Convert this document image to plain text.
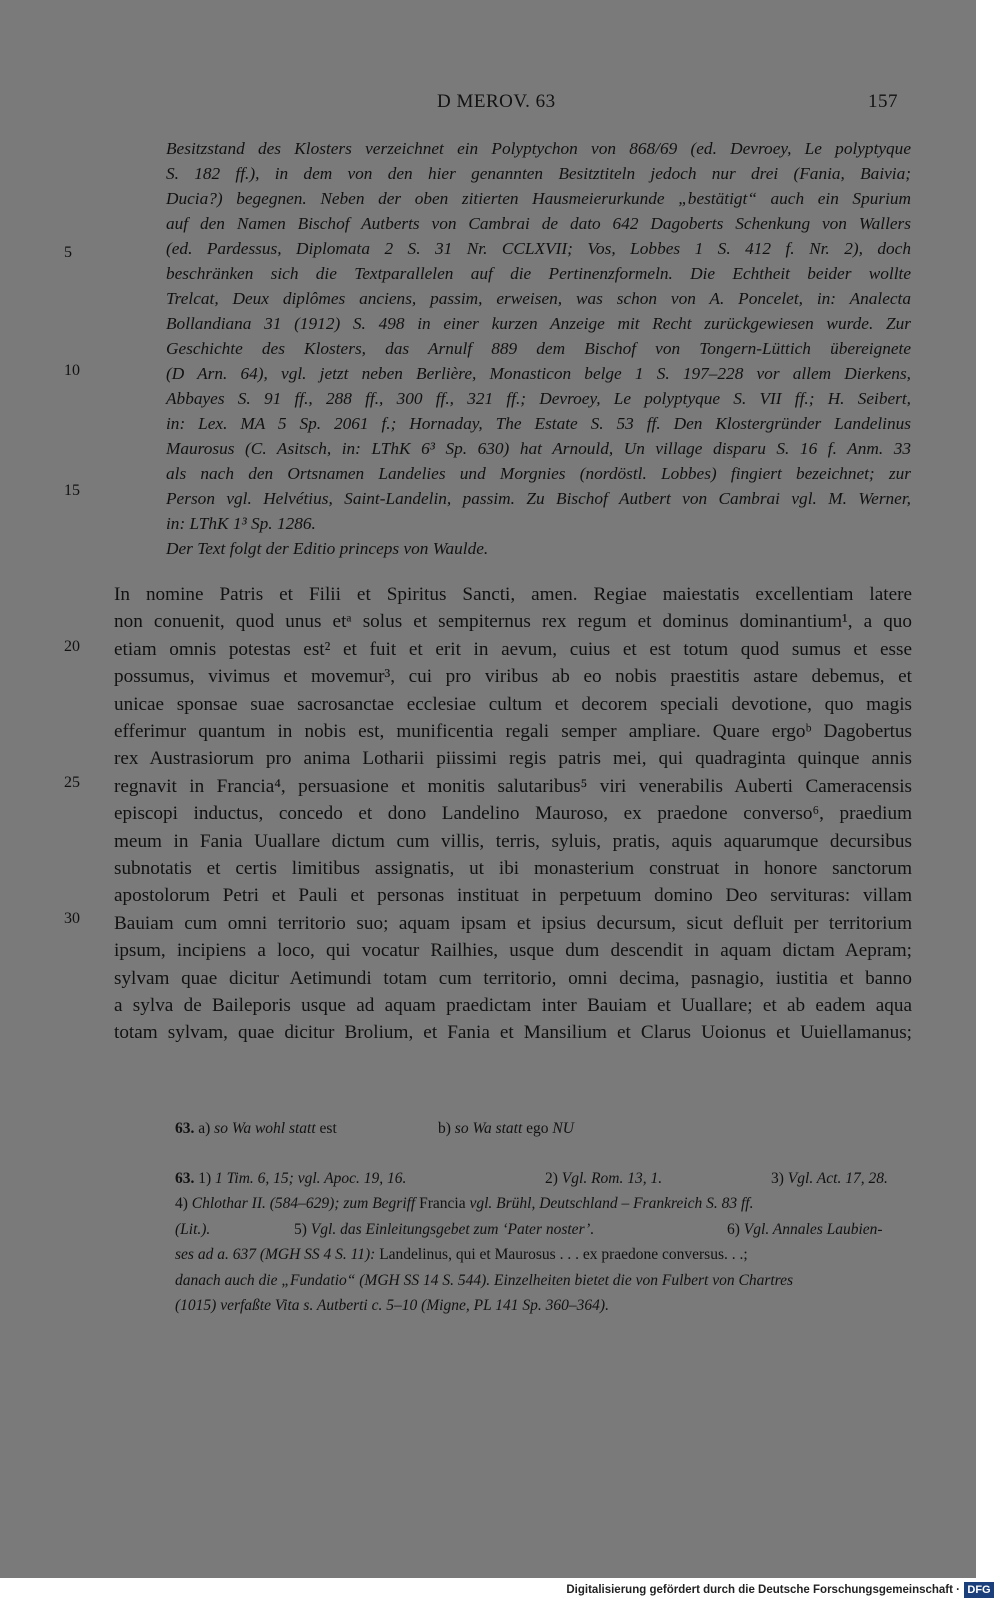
D MEROV. 63	157
Besitzstand des Klosters verzeichnet ein Polyptychon von 868/69 (ed. Devroey, Le polyptyque
S. 182 ff.), in dem von den hier genannten Besitztiteln jedoch nur drei (Fania, Baivia;
Ducia?) begegnen. Neben der oben zitierten Hausmeierurkunde „bestätigt“ auch ein Spurium
auf den Namen Bischof Autberts von Cambrai de dato 642 Dagoberts Schenkung von Wallers
(ed. Pardessus, Diplomata 2 S. 31 Nr. CCLXVII; Vos, Lobbes 1 S. 412 f. Nr. 2), doch
beschränken sich die Textparallelen auf die Pertinenzformeln. Die Echtheit beider wollte
Trelcat, Deux diplômes anciens, passim, erweisen, was schon von A. Poncelet, in: Analecta
Bollandiana 31 (1912) S. 498 in einer kurzen Anzeige mit Recht zurückgewiesen wurde. Zur
Geschichte des Klosters, das Arnulf 889 dem Bischof von Tongern-Lüttich übereignete
(D Arn. 64), vgl. jetzt neben Berlière, Monasticon belge 1 S. 197–228 vor allem Dierkens,
Abbayes S. 91 ff., 288 ff., 300 ff., 321 ff.; Devroey, Le polyptyque S. VII ff.; H. Seibert,
in: Lex. MA 5 Sp. 2061 f.; Hornaday, The Estate S. 53 ff. Den Klostergründer Landelinus
Maurosus (C. Asitsch, in: LThK 6³ Sp. 630) hat Arnould, Un village disparu S. 16 f. Anm. 33
als nach den Ortsnamen Landelies und Morgnies (nordöstl. Lobbes) fingiert bezeichnet; zur
Person vgl. Helvétius, Saint-Landelin, passim. Zu Bischof Autbert von Cambrai vgl. M. Werner,
in: LThK 1³ Sp. 1286.
Der Text folgt der Editio princeps von Waulde.
In nomine Patris et Filii et Spiritus Sancti, amen. Regiae maiestatis excellentiam latere
non conuenit, quod unus etᵃ solus et sempiternus rex regum et dominus dominantium¹, a quo
etiam omnis potestas est² et fuit et erit in aevum, cuius et est totum quod sumus et esse
possumus, vivimus et movemur³, cui pro viribus ab eo nobis praestitis astare debemus, et
unicae sponsae suae sacrosanctae ecclesiae cultum et decorem speciali devotione, quo magis
efferimur quantum in nobis est, munificentia regali semper ampliare. Quare ergoᵇ Dagobertus
rex Austrasiorum pro anima Lotharii piissimi regis patris mei, qui quadraginta quinque annis
regnavit in Francia⁴, persuasione et monitis salutaribus⁵ viri venerabilis Auberti Cameracensis
episcopi inductus, concedo et dono Landelino Mauroso, ex praedone converso⁶, praedium
meum in Fania Uuallare dictum cum villis, terris, syluis, pratis, aquis aquarumque decursibus
subnotatis et certis limitibus assignatis, ut ibi monasterium construat in honore sanctorum
apostolorum Petri et Pauli et personas instituat in perpetuum domino Deo servituras: villam
Bauiam cum omni territorio suo; aquam ipsam et ipsius decursum, sicut defluit per territorium
ipsum, incipiens a loco, qui vocatur Railhies, usque dum descendit in aquam dictam Aepram;
sylvam quae dicitur Aetimundi totam cum territorio, omni decima, pasnagio, iustitia et banno
a sylva de Baileporis usque ad aquam praedictam inter Bauiam et Uuallare; et ab eadem aqua
totam sylvam, quae dicitur Brolium, et Fania et Mansilium et Clarus Uoionus et Uuiellamanus;
5
10
15
20
25
30
63. a) so Wa wohl statt est	b) so Wa statt ego NU
63. 1) 1 Tim. 6, 15; vgl. Apoc. 19, 16.	2) Vgl. Rom. 13, 1.	3) Vgl. Act. 17, 28.
4) Chlothar II. (584–629); zum Begriff Francia vgl. Brühl, Deutschland – Frankreich S. 83 ff.
(Lit.).	5) Vgl. das Einleitungsgebet zum ‘Pater noster’.	6) Vgl. Annales Laubien-
ses ad a. 637 (MGH SS 4 S. 11): Landelinus, qui et Maurosus . . . ex praedone conversus. . .;
danach auch die „Fundatio“ (MGH SS 14 S. 544). Einzelheiten bietet die von Fulbert von Chartres
(1015) verfaßte Vita s. Autberti c. 5–10 (Migne, PL 141 Sp. 360–364).
Digitalisierung gefördert durch die Deutsche Forschungsgemeinschaft · DFG
